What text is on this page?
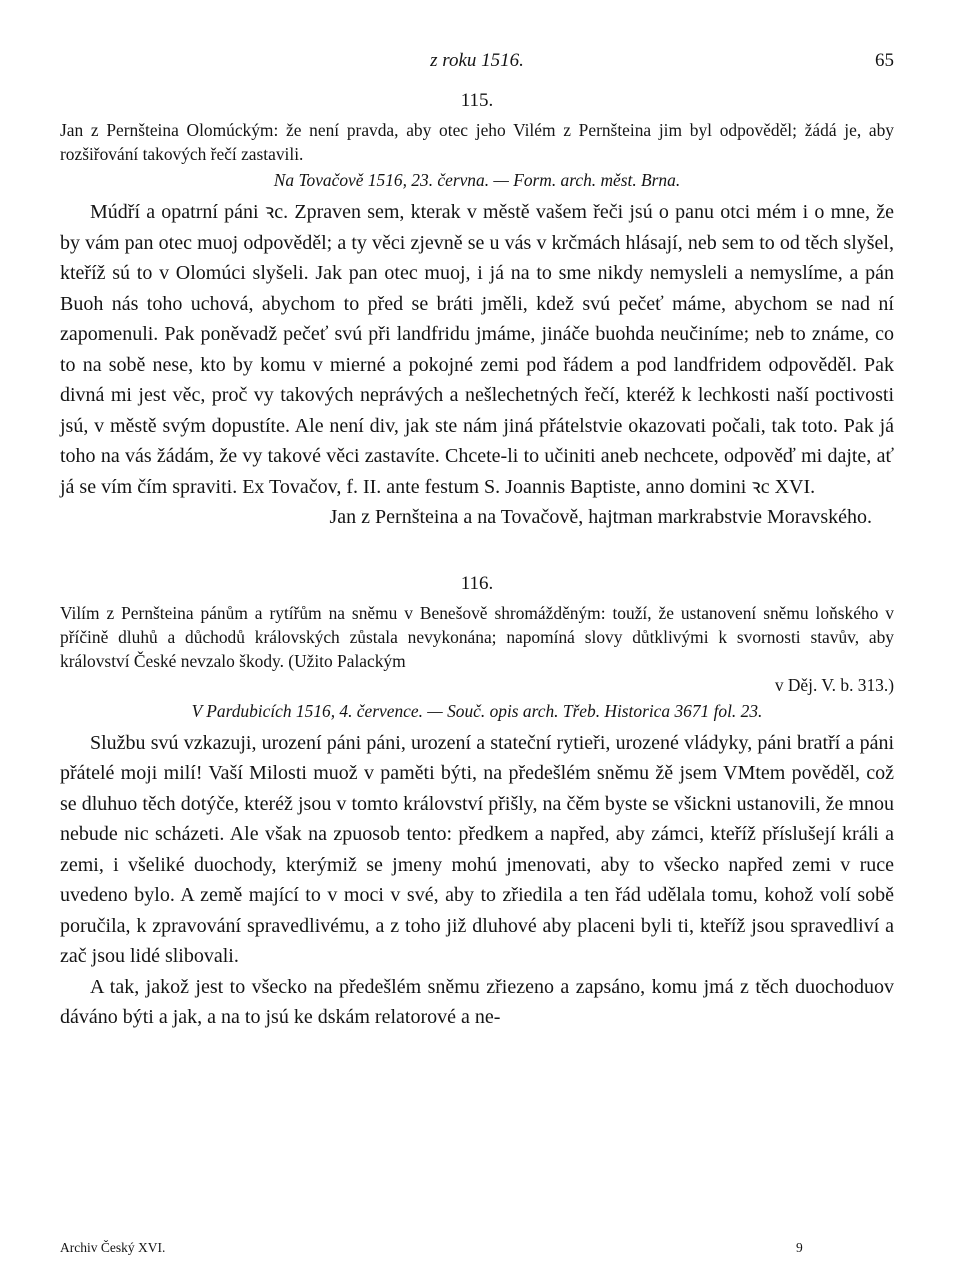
z roku 1516.	65
115.

Jan z Pernšteina Olomúckým: že není pravda, aby otec jeho Vilém z Pernšteina jim byl odpověděl; žádá je, aby rozšiřování takových řečí zastavili.

Na Tovačově 1516, 23. června. — Form. arch. měst. Brna.

Múdří a opatrní páni ꝛc. Zpraven sem, kterak v městě vašem řeči jsú o panu otci mém i o mne, že by vám pan otec muoj odpověděl; a ty věci zjevně se u vás v krčmách hlásají, neb sem to od těch slyšel, kteříž sú to v Olomúci slyšeli. Jak pan otec muoj, i já na to sme nikdy nemysleli a nemyslíme, a pán Buoh nás toho uchová, abychom to před se bráti jměli, kdež svú pečeť máme, abychom se nad ní zapomenuli. Pak poněvadž pečeť svú při landfridu jmáme, jináče buohda neučiníme; neb to známe, co to na sobě nese, kto by komu v mierné a pokojné zemi pod řádem a pod landfridem odpověděl. Pak divná mi jest věc, proč vy takových neprávých a nešlechetných řečí, kteréž k lechkosti naší poctivosti jsú, v městě svým dopustíte. Ale není div, jak ste nám jiná přátelstvie okazovati počali, tak toto. Pak já toho na vás žádám, že vy takové věci zastavíte. Chcete-li to učiniti aneb nechcete, odpověď mi dajte, ať já se vím čím spraviti. Ex Tovačov, f. II. ante festum S. Joannis Baptiste, anno domini ꝛc XVI.

Jan z Pernšteina a na Tovačově, hajtman markrabstvie Moravského.

116.

Vilím z Pernšteina pánům a rytířům na sněmu v Benešově shromážděným: touží, že ustanovení sněmu loňského v příčině dluhů a důchodů královských zůstala nevykonána; napomíná slovy důtklivými k svornosti stavův, aby království České nevzalo škody. (Užito Palackým
v Děj. V. b. 313.)

V Pardubicích 1516, 4. července. — Souč. opis arch. Třeb. Historica 3671 fol. 23.

Službu svú vzkazuji, urození páni páni, urození a stateční rytieři, urozené vládyky, páni bratří a páni přátelé moji milí! Vaší Milosti muož v paměti býti, na předešlém sněmu žě jsem VMtem pověděl, což se dluhuo těch dotýče, kteréž jsou v tomto království přišly, na čěm byste se všickni ustanovili, že mnou nebude nic scházeti. Ale však na zpuosob tento: předkem a napřed, aby zámci, kteříž příslušejí králi a zemi, i všeliké duochody, kterýmiž se jmeny mohú jmenovati, aby to všecko napřed zemi v ruce uvedeno bylo. A země mající to v moci v své, aby to zřiedila a ten řád udělala tomu, kohož volí sobě poručila, k zpravování spravedlivému, a z toho již dluhové aby placeni byli ti, kteříž jsou spravedliví a zač jsou lidé slibovali.

A tak, jakož jest to všecko na předešlém sněmu zřiezeno a zapsáno, komu jmá z těch duochoduov dáváno býti a jak, a na to jsú ke dskám relatorové a ne-

Archiv Český XVI.	9
